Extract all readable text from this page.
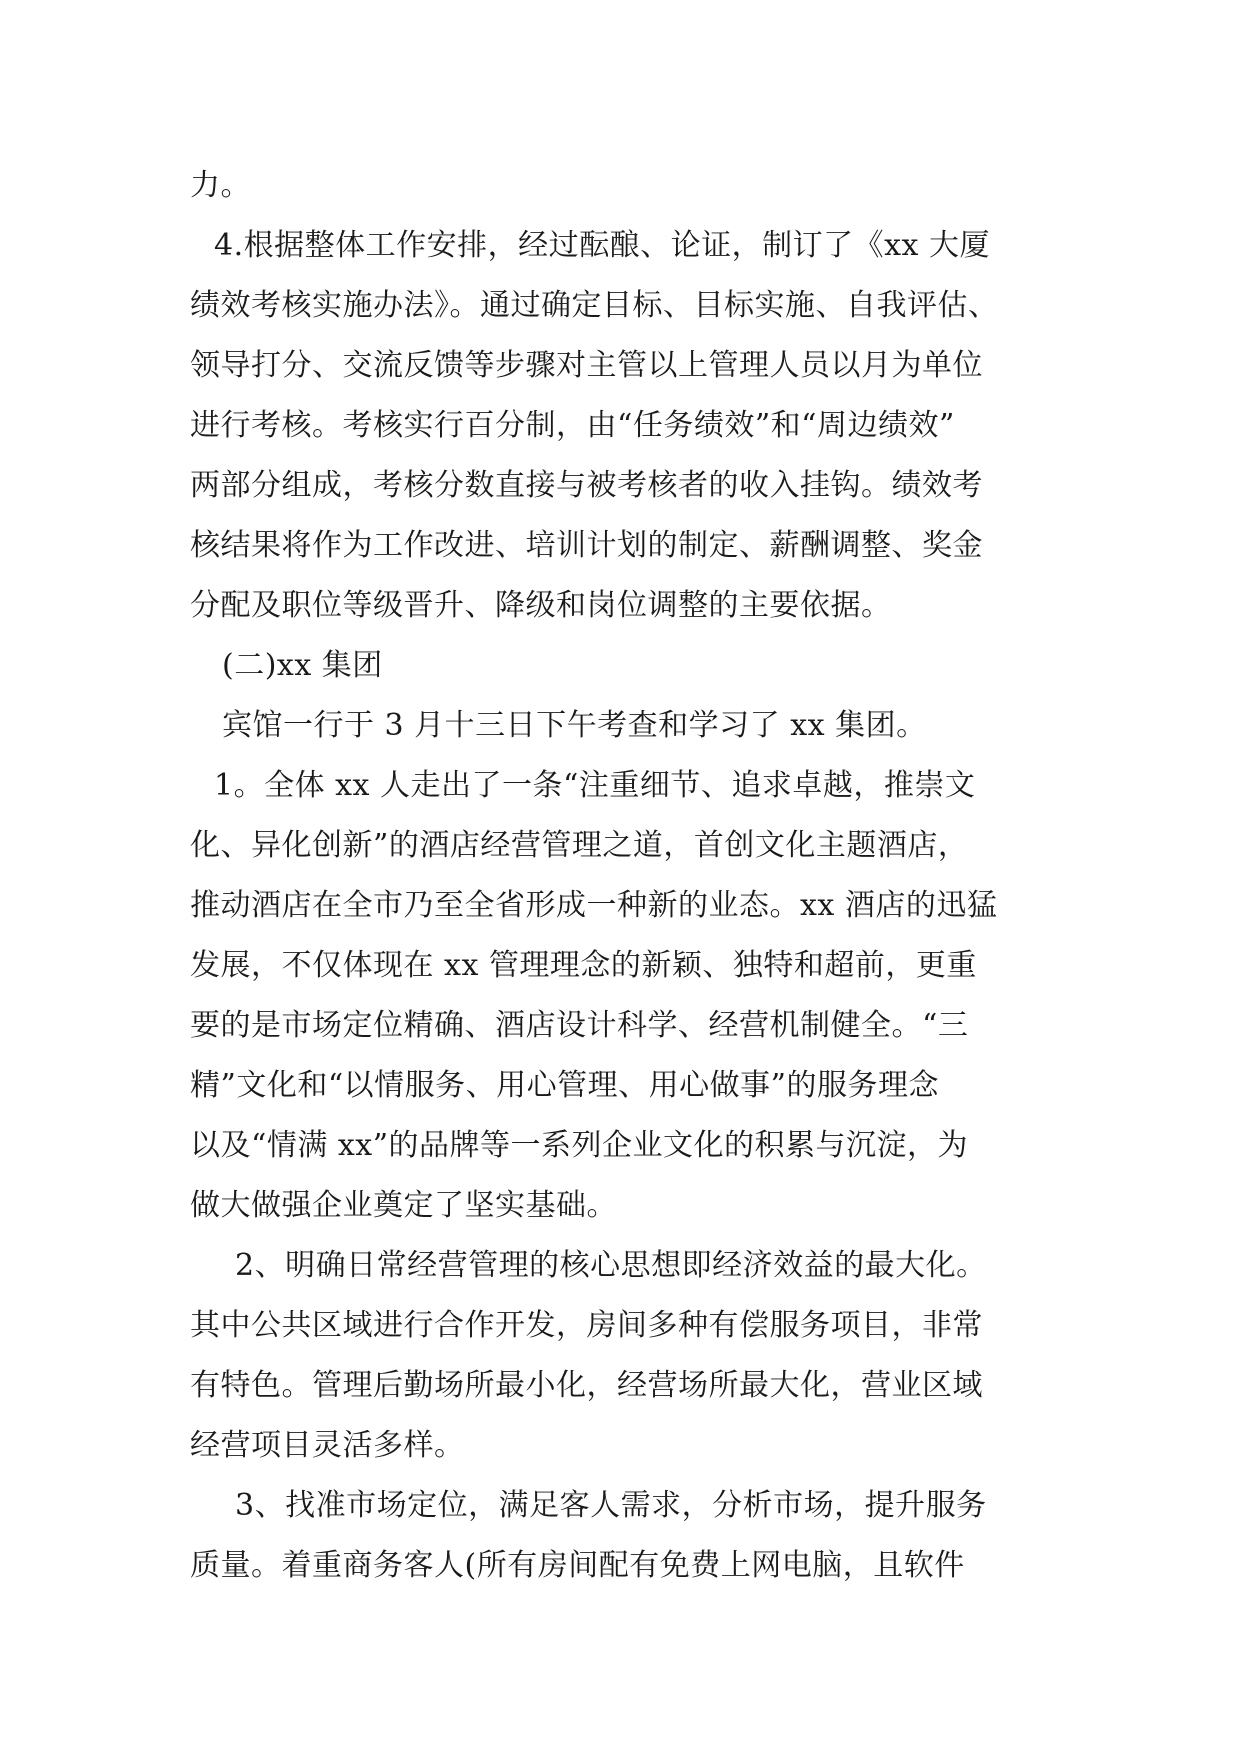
力。

4.根据整体工作安排，经过酝酿、论证，制订了《xx 大厦

绩效考核实施办法》。通过确定目标、目标实施、自我评估、

领导打分、交流反馈等步骤对主管以上管理人员以月为单位

进行考核。考核实行百分制，由“任务绩效”和“周边绩效”

两部分组成，考核分数直接与被考核者的收入挂钩。绩效考

核结果将作为工作改进、培训计划的制定、薪酬调整、奖金

分配及职位等级晋升、降级和岗位调整的主要依据。

(二)xx 集团

宾馆一行于 3 月十三日下午考查和学习了 xx 集团。

1。全体 xx 人走出了一条“注重细节、追求卓越，推崇文

化、异化创新”的酒店经营管理之道，首创文化主题酒店，

推动酒店在全市乃至全省形成一种新的业态。xx 酒店的迅猛

发展，不仅体现在 xx 管理理念的新颖、独特和超前，更重

要的是市场定位精确、酒店设计科学、经营机制健全。“三

精”文化和“以情服务、用心管理、用心做事”的服务理念

以及“情满 xx”的品牌等一系列企业文化的积累与沉淀，为

做大做强企业奠定了坚实基础。

2、明确日常经营管理的核心思想即经济效益的最大化。

其中公共区域进行合作开发，房间多种有偿服务项目，非常

有特色。管理后勤场所最小化，经营场所最大化，营业区域

经营项目灵活多样。

3、找准市场定位，满足客人需求，分析市场，提升服务

质量。着重商务客人(所有房间配有免费上网电脑，且软件
